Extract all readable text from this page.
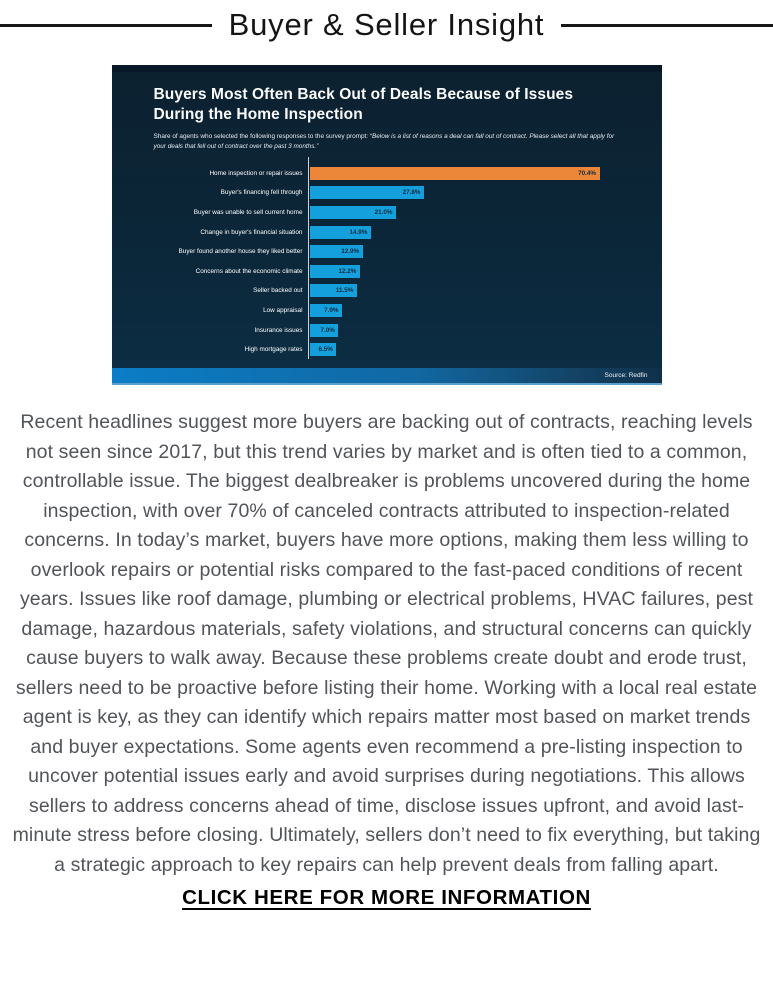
Buyer & Seller Insight
Buyers Most Often Back Out of Deals Because of Issues During the Home Inspection

Share of agents who selected the following responses to the survey prompt: “Below is a list of reasons a deal can fall out of contract. Please select all that apply for your deals that fell out of contract over the past 3 months.”

Home inspection or repair issues	70.4%
Buyer's financing fell through	27.8%
Buyer was unable to sell current home	21.0%
Change in buyer's financial situation	14.9%
Buyer found another house they liked better	12.9%
Concerns about the economic climate	12.2%
Seller backed out	11.5%
Low appraisal	7.9%
Insurance issues	7.0%
High mortgage rates	6.5%
Source: Redfin

Recent headlines suggest more buyers are backing out of contracts, reaching levels not seen since 2017, but this trend varies by market and is often tied to a common, controllable issue. The biggest dealbreaker is problems uncovered during the home inspection, with over 70% of canceled contracts attributed to inspection-related concerns. In today’s market, buyers have more options, making them less willing to overlook repairs or potential risks compared to the fast-paced conditions of recent years. Issues like roof damage, plumbing or electrical problems, HVAC failures, pest damage, hazardous materials, safety violations, and structural concerns can quickly cause buyers to walk away. Because these problems create doubt and erode trust, sellers need to be proactive before listing their home. Working with a local real estate agent is key, as they can identify which repairs matter most based on market trends and buyer expectations. Some agents even recommend a pre-listing inspection to uncover potential issues early and avoid surprises during negotiations. This allows sellers to address concerns ahead of time, disclose issues upfront, and avoid last-minute stress before closing. Ultimately, sellers don’t need to fix everything, but taking a strategic approach to key repairs can help prevent deals from falling apart.

CLICK HERE FOR MORE INFORMATION
